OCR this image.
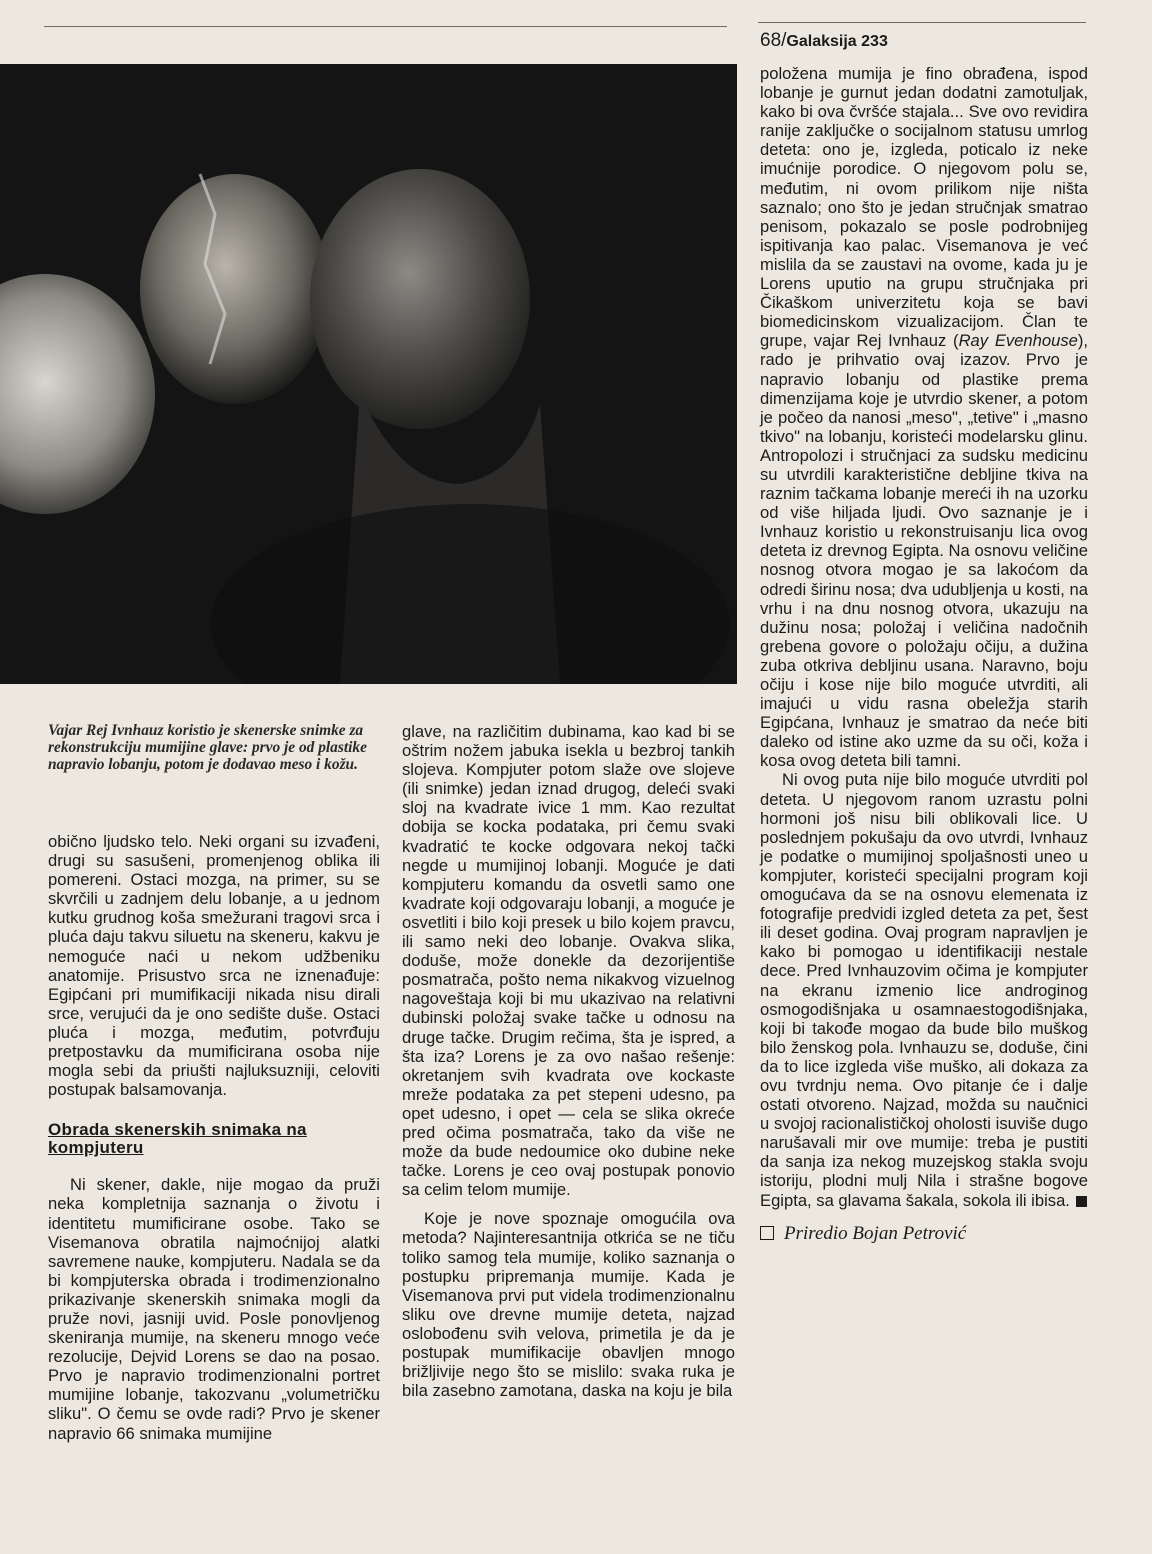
68/Galaksija 233
Vajar Rej Ivnhauz koristio je skenerske snimke za rekonstrukciju mumijine glave: prvo je od plastike napravio lobanju, potom je dodavao meso i kožu.

obično ljudsko telo. Neki organi su izvađeni, drugi su sasušeni, promenjenog oblika ili pomereni. Ostaci mozga, na primer, su se skvrčili u zadnjem delu lobanje, a u jednom kutku grudnog koša smežurani tragovi srca i pluća daju takvu siluetu na skeneru, kakvu je nemoguće naći u nekom udžbeniku anatomije. Prisustvo srca ne iznenađuje: Egipćani pri mumifikaciji nikada nisu dirali srce, verujući da je ono sedište duše. Ostaci pluća i mozga, međutim, potvrđuju pretpostavku da mumificirana osoba nije mogla sebi da priušti najluksuzniji, celoviti postupak balsamovanja.

Obrada skenerskih snimaka na kompjuteru

Ni skener, dakle, nije mogao da pruži neka kompletnija saznanja o životu i identitetu mumificirane osobe. Tako se Visemanova obratila najmoćnijoj alatki savremene nauke, kompjuteru. Nadala se da bi kompjuterska obrada i trodimenzionalno prikazivanje skenerskih snimaka mogli da pruže novi, jasniji uvid. Posle ponovljenog skeniranja mumije, na skeneru mnogo veće rezolucije, Dejvid Lorens se dao na posao. Prvo je napravio trodimenzionalni portret mumijine lobanje, takozvanu „volumetričku sliku". O čemu se ovde radi? Prvo je skener napravio 66 snimaka mumijine

glave, na različitim dubinama, kao kad bi se oštrim nožem jabuka isekla u bezbroj tankih slojeva. Kompjuter potom slaže ove slojeve (ili snimke) jedan iznad drugog, deleći svaki sloj na kvadrate ivice 1 mm. Kao rezultat dobija se kocka podataka, pri čemu svaki kvadratić te kocke odgovara nekoj tački negde u mumijinoj lobanji. Moguće je dati kompjuteru komandu da osvetli samo one kvadrate koji odgovaraju lobanji, a moguće je osvetliti i bilo koji presek u bilo kojem pravcu, ili samo neki deo lobanje. Ovakva slika, doduše, može donekle da dezorijentiše posmatrača, pošto nema nikakvog vizuelnog nagoveštaja koji bi mu ukazivao na relativni dubinski položaj svake tačke u odnosu na druge tačke. Drugim rečima, šta je ispred, a šta iza? Lorens je za ovo našao rešenje: okretanjem svih kvadrata ove kockaste mreže podataka za pet stepeni udesno, pa opet udesno, i opet — cela se slika okreće pred očima posmatrača, tako da više ne može da bude nedoumice oko dubine neke tačke. Lorens je ceo ovaj postupak ponovio sa celim telom mumije.

Koje je nove spoznaje omogućila ova metoda? Najinteresantnija otkrića se ne tiču toliko samog tela mumije, koliko saznanja o postupku pripremanja mumije. Kada je Visemanova prvi put videla trodimenzionalnu sliku ove drevne mumije deteta, najzad oslobođenu svih velova, primetila je da je postupak mumifikacije obavljen mnogo brižljivije nego što se mislilo: svaka ruka je bila zasebno zamotana, daska na koju je bila

položena mumija je fino obrađena, ispod lobanje je gurnut jedan dodatni zamotuljak, kako bi ova čvršće stajala... Sve ovo revidira ranije zaključke o socijalnom statusu umrlog deteta: ono je, izgleda, poticalo iz neke imućnije porodice. O njegovom polu se, međutim, ni ovom prilikom nije ništa saznalo; ono što je jedan stručnjak smatrao penisom, pokazalo se posle podrobnijeg ispitivanja kao palac. Visemanova je već mislila da se zaustavi na ovome, kada ju je Lorens uputio na grupu stručnjaka pri Čikaškom univerzitetu koja se bavi biomedicinskom vizualizacijom. Član te grupe, vajar Rej Ivnhauz (Ray Evenhouse), rado je prihvatio ovaj izazov. Prvo je napravio lobanju od plastike prema dimenzijama koje je utvrdio skener, a potom je počeo da nanosi „meso", „tetive" i „masno tkivo" na lobanju, koristeći modelarsku glinu. Antropolozi i stručnjaci za sudsku medicinu su utvrdili karakteristične debljine tkiva na raznim tačkama lobanje mereći ih na uzorku od više hiljada ljudi. Ovo saznanje je i Ivnhauz koristio u rekonstruisanju lica ovog deteta iz drevnog Egipta. Na osnovu veličine nosnog otvora mogao je sa lakoćom da odredi širinu nosa; dva udubljenja u kosti, na vrhu i na dnu nosnog otvora, ukazuju na dužinu nosa; položaj i veličina nadočnih grebena govore o položaju očiju, a dužina zuba otkriva debljinu usana. Naravno, boju očiju i kose nije bilo moguće utvrditi, ali imajući u vidu rasna obeležja starih Egipćana, Ivnhauz je smatrao da neće biti daleko od istine ako uzme da su oči, koža i kosa ovog deteta bili tamni.

Ni ovog puta nije bilo moguće utvrditi pol deteta. U njegovom ranom uzrastu polni hormoni još nisu bili oblikovali lice. U poslednjem pokušaju da ovo utvrdi, Ivnhauz je podatke o mumijinoj spoljašnosti uneo u kompjuter, koristeći specijalni program koji omogućava da se na osnovu elemenata iz fotografije predvidi izgled deteta za pet, šest ili deset godina. Ovaj program napravljen je kako bi pomogao u identifikaciji nestale dece. Pred Ivnhauzovim očima je kompjuter na ekranu izmenio lice androginog osmogodišnjaka u osamnaestogodišnjaka, koji bi takođe mogao da bude bilo muškog bilo ženskog pola. Ivnhauzu se, doduše, čini da to lice izgleda više muško, ali dokaza za ovu tvrdnju nema. Ovo pitanje će i dalje ostati otvoreno. Najzad, možda su naučnici u svojoj racionalističkoj oholosti isuviše dugo narušavali mir ove mumije: treba je pustiti da sanja iza nekog muzejskog stakla svoju istoriju, plodni mulj Nila i strašne bogove Egipta, sa glavama šakala, sokola ili ibisa.

Priredio Bojan Petrović
